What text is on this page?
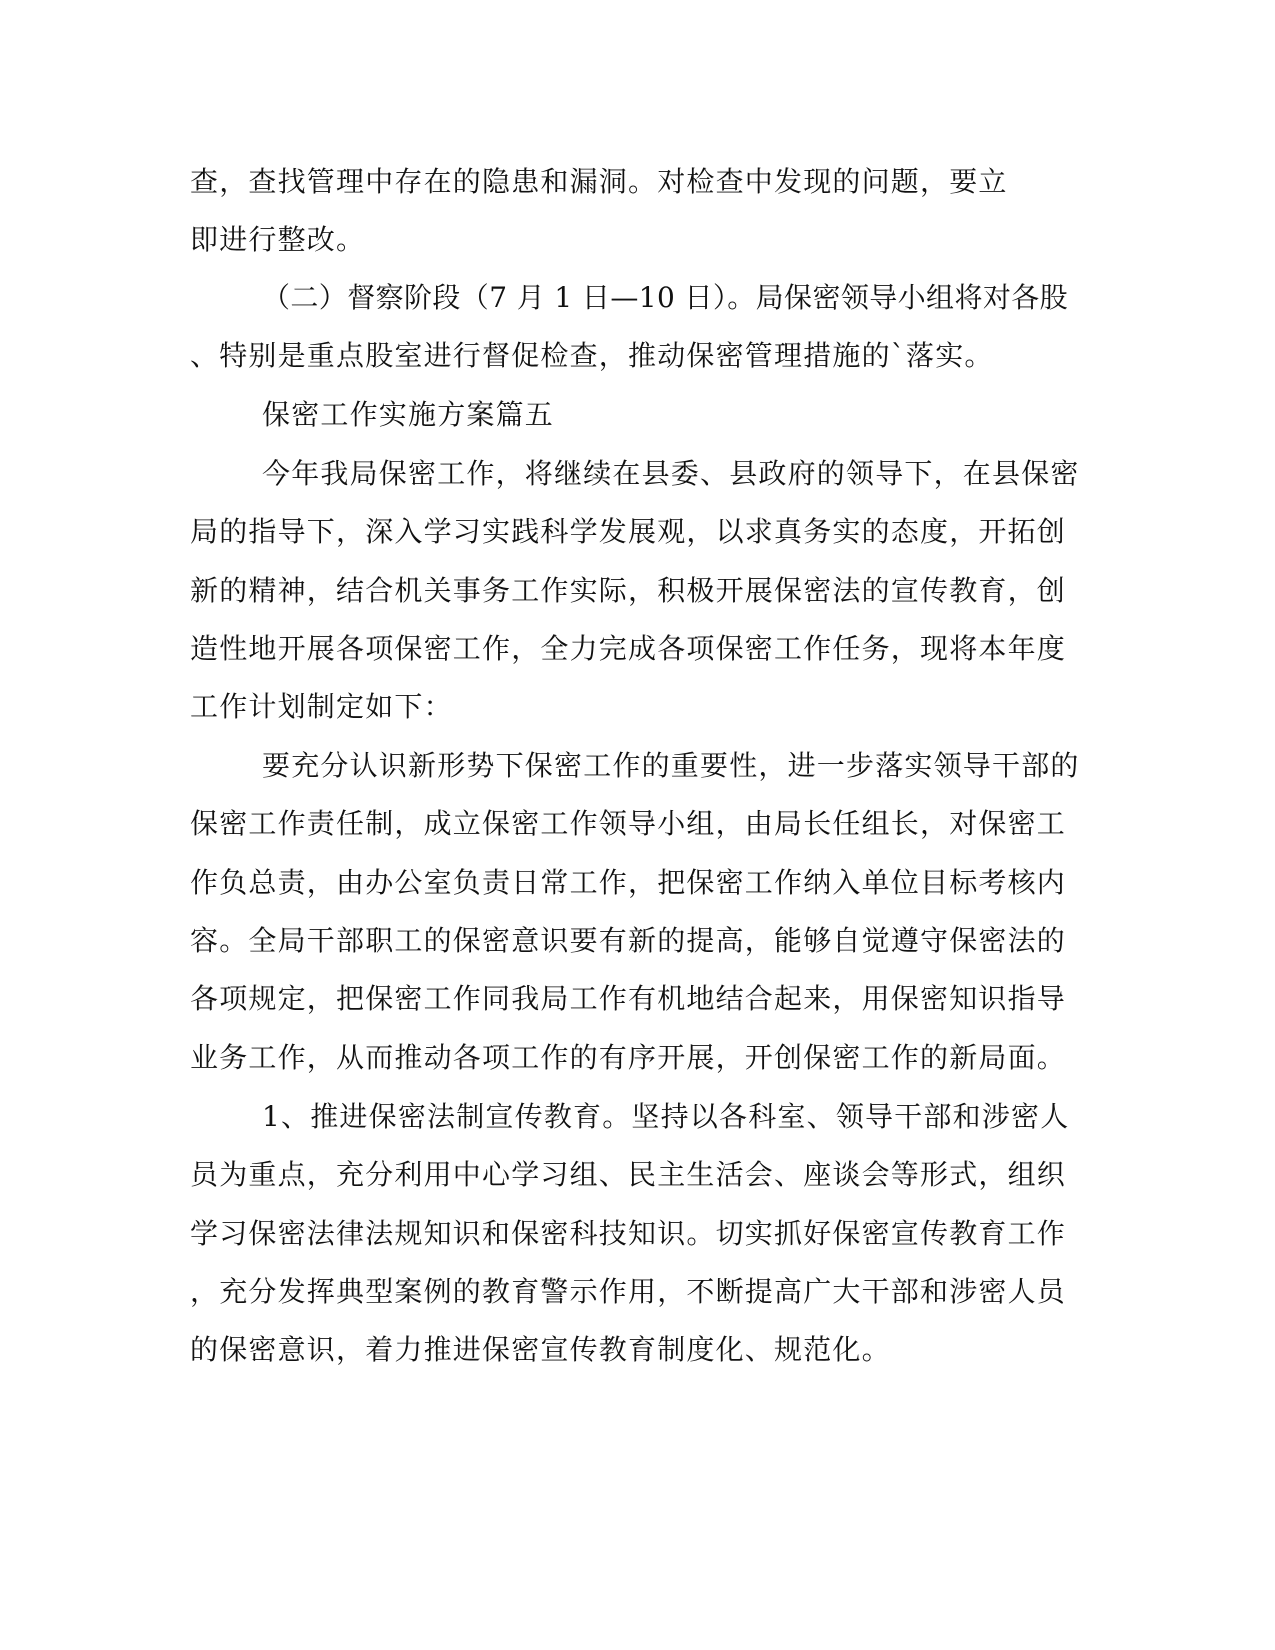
查，查找管理中存在的隐患和漏洞。对检查中发现的问题，要立
即进行整改。
（二）督察阶段（7 月 1 日—10 日）。局保密领导小组将对各股
、特别是重点股室进行督促检查，推动保密管理措施的`落实。
保密工作实施方案篇五
今年我局保密工作，将继续在县委、县政府的领导下，在县保密
局的指导下，深入学习实践科学发展观，以求真务实的态度，开拓创
新的精神，结合机关事务工作实际，积极开展保密法的宣传教育，创
造性地开展各项保密工作，全力完成各项保密工作任务，现将本年度
工作计划制定如下：
要充分认识新形势下保密工作的重要性，进一步落实领导干部的
保密工作责任制，成立保密工作领导小组，由局长任组长，对保密工
作负总责，由办公室负责日常工作，把保密工作纳入单位目标考核内
容。全局干部职工的保密意识要有新的提高，能够自觉遵守保密法的
各项规定，把保密工作同我局工作有机地结合起来，用保密知识指导
业务工作，从而推动各项工作的有序开展，开创保密工作的新局面。
1、推进保密法制宣传教育。坚持以各科室、领导干部和涉密人
员为重点，充分利用中心学习组、民主生活会、座谈会等形式，组织
学习保密法律法规知识和保密科技知识。切实抓好保密宣传教育工作
，充分发挥典型案例的教育警示作用，不断提高广大干部和涉密人员
的保密意识，着力推进保密宣传教育制度化、规范化。
